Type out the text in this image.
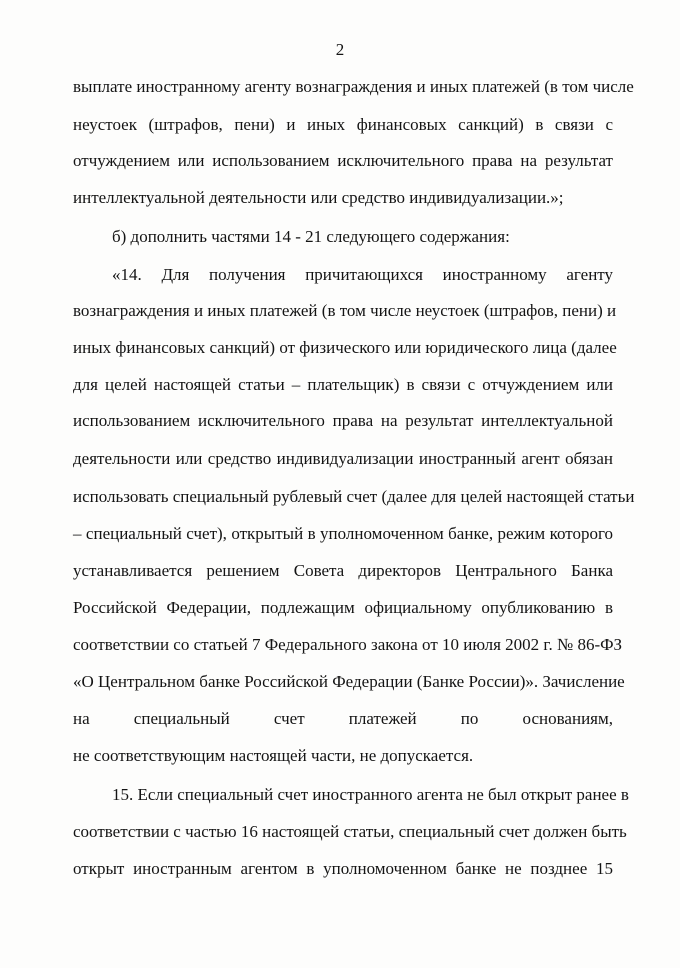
2
выплате иностранному агенту вознаграждения и иных платежей (в том числе
неустоек (штрафов, пени) и иных финансовых санкций) в связи с
отчуждением или использованием исключительного права на результат
интеллектуальной деятельности или средство индивидуализации.»;
б) дополнить частями 14 - 21 следующего содержания:
«14. Для получения причитающихся иностранному агенту
вознаграждения и иных платежей (в том числе неустоек (штрафов, пени) и
иных финансовых санкций) от физического или юридического лица (далее
для целей настоящей статьи – плательщик) в связи с отчуждением или
использованием исключительного права на результат интеллектуальной
деятельности или средство индивидуализации иностранный агент обязан
использовать специальный рублевый счет (далее для целей настоящей статьи
– специальный счет), открытый в уполномоченном банке, режим которого
устанавливается решением Совета директоров Центрального Банка
Российской Федерации, подлежащим официальному опубликованию в
соответствии со статьей 7 Федерального закона от 10 июля 2002 г. № 86-ФЗ
«О Центральном банке Российской Федерации (Банке России)». Зачисление
на специальный счет платежей по основаниям,
не соответствующим настоящей части, не допускается.
15. Если специальный счет иностранного агента не был открыт ранее в
соответствии с частью 16 настоящей статьи, специальный счет должен быть
открыт иностранным агентом в уполномоченном банке не позднее 15
